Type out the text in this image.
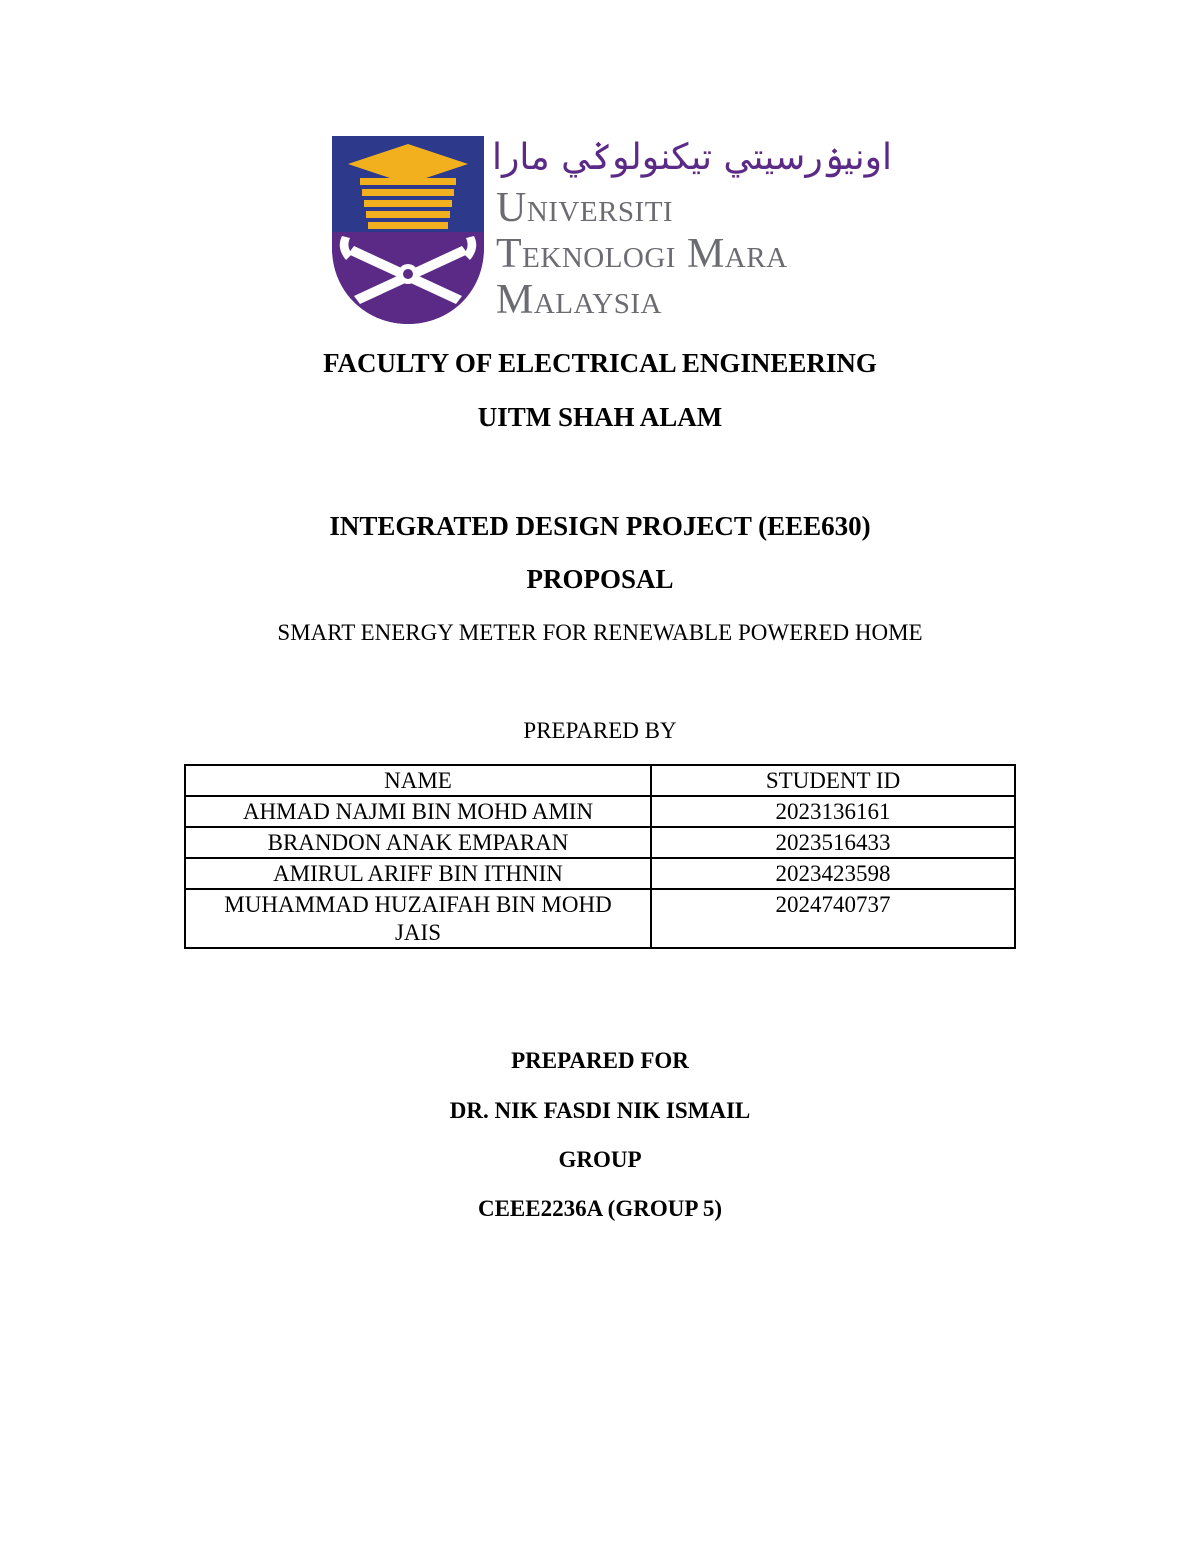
اونيۏرسيتي تيكنولوݢي مارا
Universiti
Teknologi Mara
Malaysia
FACULTY OF ELECTRICAL ENGINEERING
UITM SHAH ALAM
INTEGRATED DESIGN PROJECT (EEE630)
PROPOSAL
SMART ENERGY METER FOR RENEWABLE POWERED HOME
PREPARED BY
NAME	STUDENT ID
AHMAD NAJMI BIN MOHD AMIN	2023136161
BRANDON ANAK EMPARAN	2023516433
AMIRUL ARIFF BIN ITHNIN	2023423598
MUHAMMAD HUZAIFAH BIN MOHD JAIS	2024740737
PREPARED FOR
DR. NIK FASDI NIK ISMAIL
GROUP
CEEE2236A (GROUP 5)
